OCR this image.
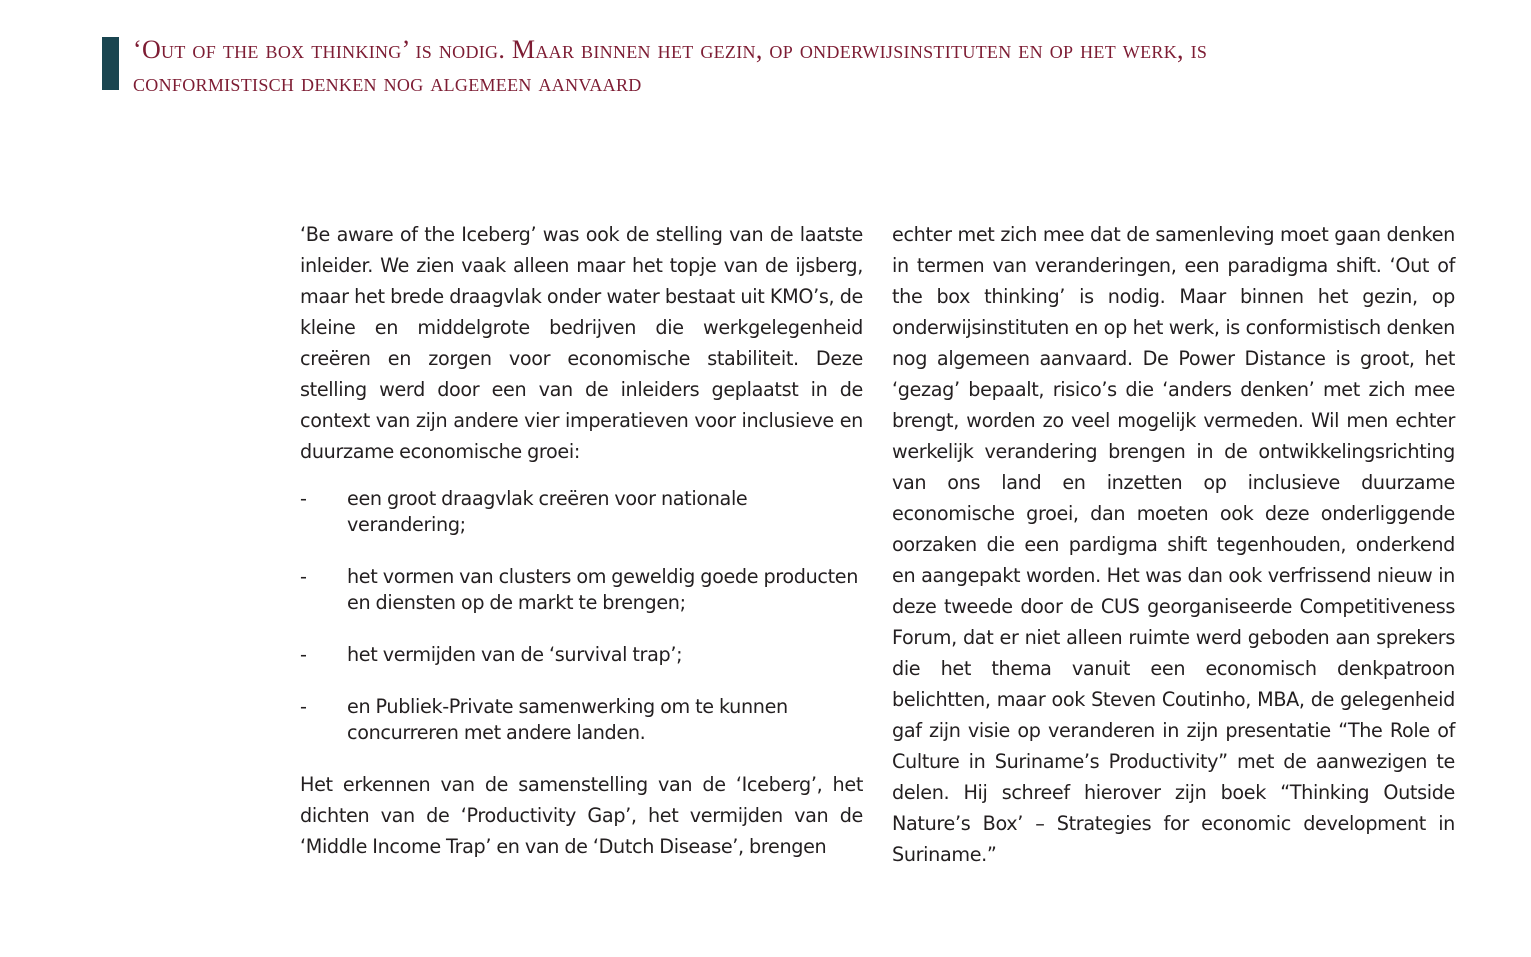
‘Out of the box thinking’ is nodig. Maar binnen het gezin, op onderwijsinstituten en op het werk, is conformistisch denken nog algemeen aanvaard

‘Be aware of the Iceberg’ was ook de stelling van de laatste inleider. We zien vaak alleen maar het topje van de ijsberg, maar het brede draagvlak onder water bestaat uit KMO’s, de kleine en middelgrote bedrijven die werkgelegenheid creëren en zorgen voor economische stabiliteit. Deze stelling werd door een van de inleiders geplaatst in de context van zijn andere vier imperatieven voor inclusieve en duurzame economische groei:

- een groot draagvlak creëren voor nationale verandering;
- het vormen van clusters om geweldig goede producten en diensten op de markt te brengen;
- het vermijden van de ‘survival trap’;
- en Publiek-Private samenwerking om te kunnen concurreren met andere landen.

Het erkennen van de samenstelling van de ‘Iceberg’, het dichten van de ‘Productivity Gap’, het vermijden van de ‘Middle Income Trap’ en van de ‘Dutch Disease’, brengen

echter met zich mee dat de samenleving moet gaan denken in termen van veranderingen, een paradigma shift. ‘Out of the box thinking’ is nodig. Maar binnen het gezin, op onderwijsinstituten en op het werk, is conformistisch denken nog algemeen aanvaard. De Power Distance is groot, het ‘gezag’ bepaalt, risico’s die ‘anders denken’ met zich mee brengt, worden zo veel mogelijk vermeden. Wil men echter werkelijk verandering brengen in de ontwikkelingsrichting van ons land en inzetten op inclusieve duurzame economische groei, dan moeten ook deze onderliggende oorzaken die een pardigma shift tegenhouden, onderkend en aangepakt worden. Het was dan ook verfrissend nieuw in deze tweede door de CUS georganiseerde Competitiveness Forum, dat er niet alleen ruimte werd geboden aan sprekers die het thema vanuit een economisch denkpatroon belichtten, maar ook Steven Coutinho, MBA, de gelegenheid gaf zijn visie op veranderen in zijn presentatie “The Role of Culture in Suriname’s Productivity” met de aanwezigen te delen. Hij schreef hierover zijn boek “Thinking Outside Nature’s Box’ – Strategies for economic development in Suriname.”
